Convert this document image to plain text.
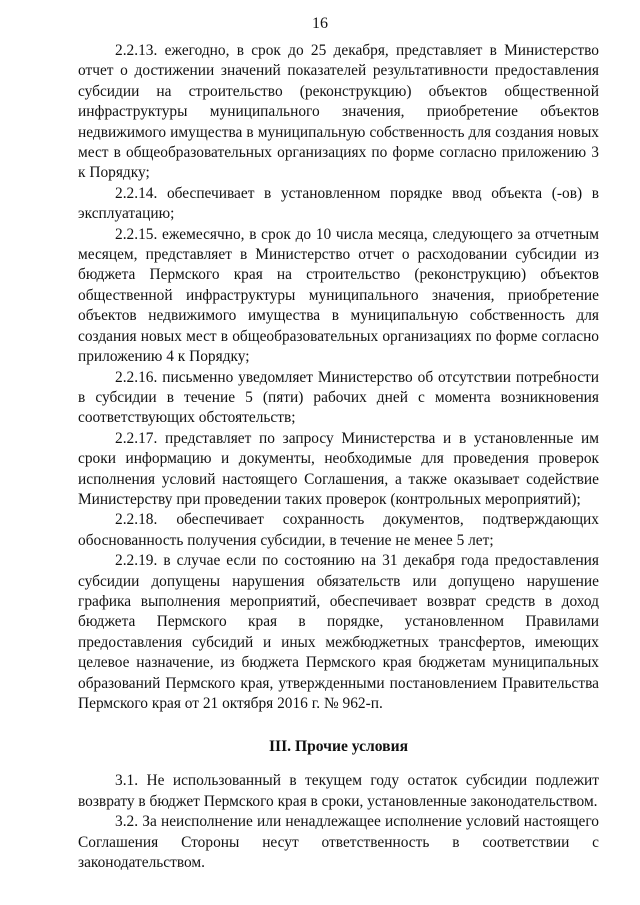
16

2.2.13. ежегодно, в срок до 25 декабря, представляет в Министерство отчет о достижении значений показателей результативности предоставления субсидии на строительство (реконструкцию) объектов общественной инфраструктуры муниципального значения, приобретение объектов недвижимого имущества в муниципальную собственность для создания новых мест в общеобразовательных организациях по форме согласно приложению 3 к Порядку;

2.2.14. обеспечивает в установленном порядке ввод объекта (-ов) в эксплуатацию;

2.2.15. ежемесячно, в срок до 10 числа месяца, следующего за отчетным месяцем, представляет в Министерство отчет о расходовании субсидии из бюджета Пермского края на строительство (реконструкцию) объектов общественной инфраструктуры муниципального значения, приобретение объектов недвижимого имущества в муниципальную собственность для создания новых мест в общеобразовательных организациях по форме согласно приложению 4 к Порядку;

2.2.16. письменно уведомляет Министерство об отсутствии потребности в субсидии в течение 5 (пяти) рабочих дней с момента возникновения соответствующих обстоятельств;

2.2.17. представляет по запросу Министерства и в установленные им сроки информацию и документы, необходимые для проведения проверок исполнения условий настоящего Соглашения, а также оказывает содействие Министерству при проведении таких проверок (контрольных мероприятий);

2.2.18. обеспечивает сохранность документов, подтверждающих обоснованность получения субсидии, в течение не менее 5 лет;

2.2.19. в случае если по состоянию на 31 декабря года предоставления субсидии допущены нарушения обязательств или допущено нарушение графика выполнения мероприятий, обеспечивает возврат средств в доход бюджета Пермского края в порядке, установленном Правилами предоставления субсидий и иных межбюджетных трансфертов, имеющих целевое назначение, из бюджета Пермского края бюджетам муниципальных образований Пермского края, утвержденными постановлением Правительства Пермского края от 21 октября 2016 г. № 962-п.

III. Прочие условия

3.1. Не использованный в текущем году остаток субсидии подлежит возврату в бюджет Пермского края в сроки, установленные законодательством.

3.2. За неисполнение или ненадлежащее исполнение условий настоящего Соглашения Стороны несут ответственность в соответствии с законодательством.
